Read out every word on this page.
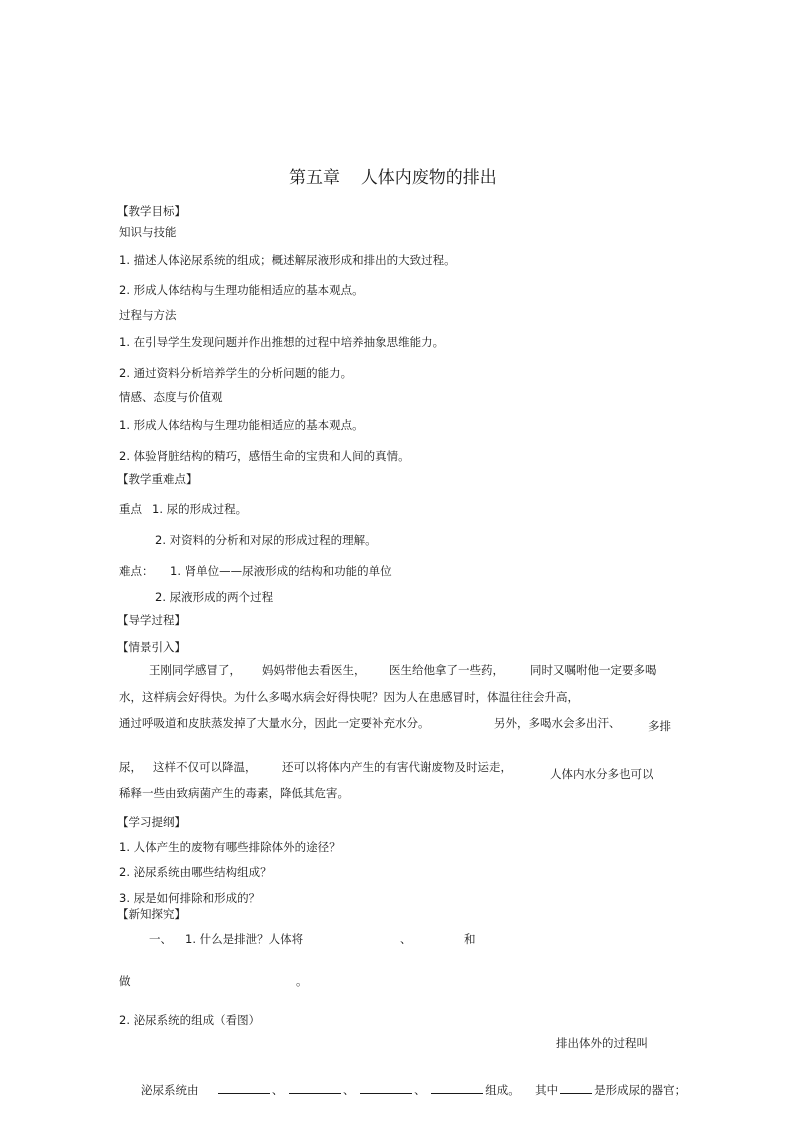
第五章 人体内废物的排出
【教学目标】
知识与技能
1. 描述人体泌尿系统的组成；概述解尿液形成和排出的大致过程。
2. 形成人体结构与生理功能相适应的基本观点。
过程与方法
1. 在引导学生发现问题并作出推想的过程中培养抽象思维能力。
2. 通过资料分析培养学生的分析问题的能力。
情感、态度与价值观
1. 形成人体结构与生理功能相适应的基本观点。
2. 体验肾脏结构的精巧，感悟生命的宝贵和人间的真情。
【教学重难点】
重点 1. 尿的形成过程。
2. 对资料的分析和对尿的形成过程的理解。
难点： 1. 肾单位——尿液形成的结构和功能的单位
2. 尿液形成的两个过程
【导学过程】
【情景引入】
王刚同学感冒了， 妈妈带他去看医生， 医生给他拿了一些药， 同时又嘱咐他一定要多喝
水，这样病会好得快。为什么多喝水病会好得快呢？因为人在患感冒时，体温往往会升高，
通过呼吸道和皮肤蒸发掉了大量水分，因此一定要补充水分。	另外，多喝水会多出汗、 多排
尿， 这样不仅可以降温， 还可以将体内产生的有害代谢废物及时运走，	人体内水分多也可以
稀释一些由致病菌产生的毒素，降低其危害。
【学习提纲】
1. 人体产生的废物有哪些排除体外的途径？
2. 泌尿系统由哪些结构组成？
3. 尿是如何排除和形成的？
【新知探究】
一、 1. 什么是排泄？人体将	、	和
做	。
2. 泌尿系统的组成（看图）
排出体外的过程叫
泌尿系统由	、	、	、	组成。 其中	是形成尿的器官；
